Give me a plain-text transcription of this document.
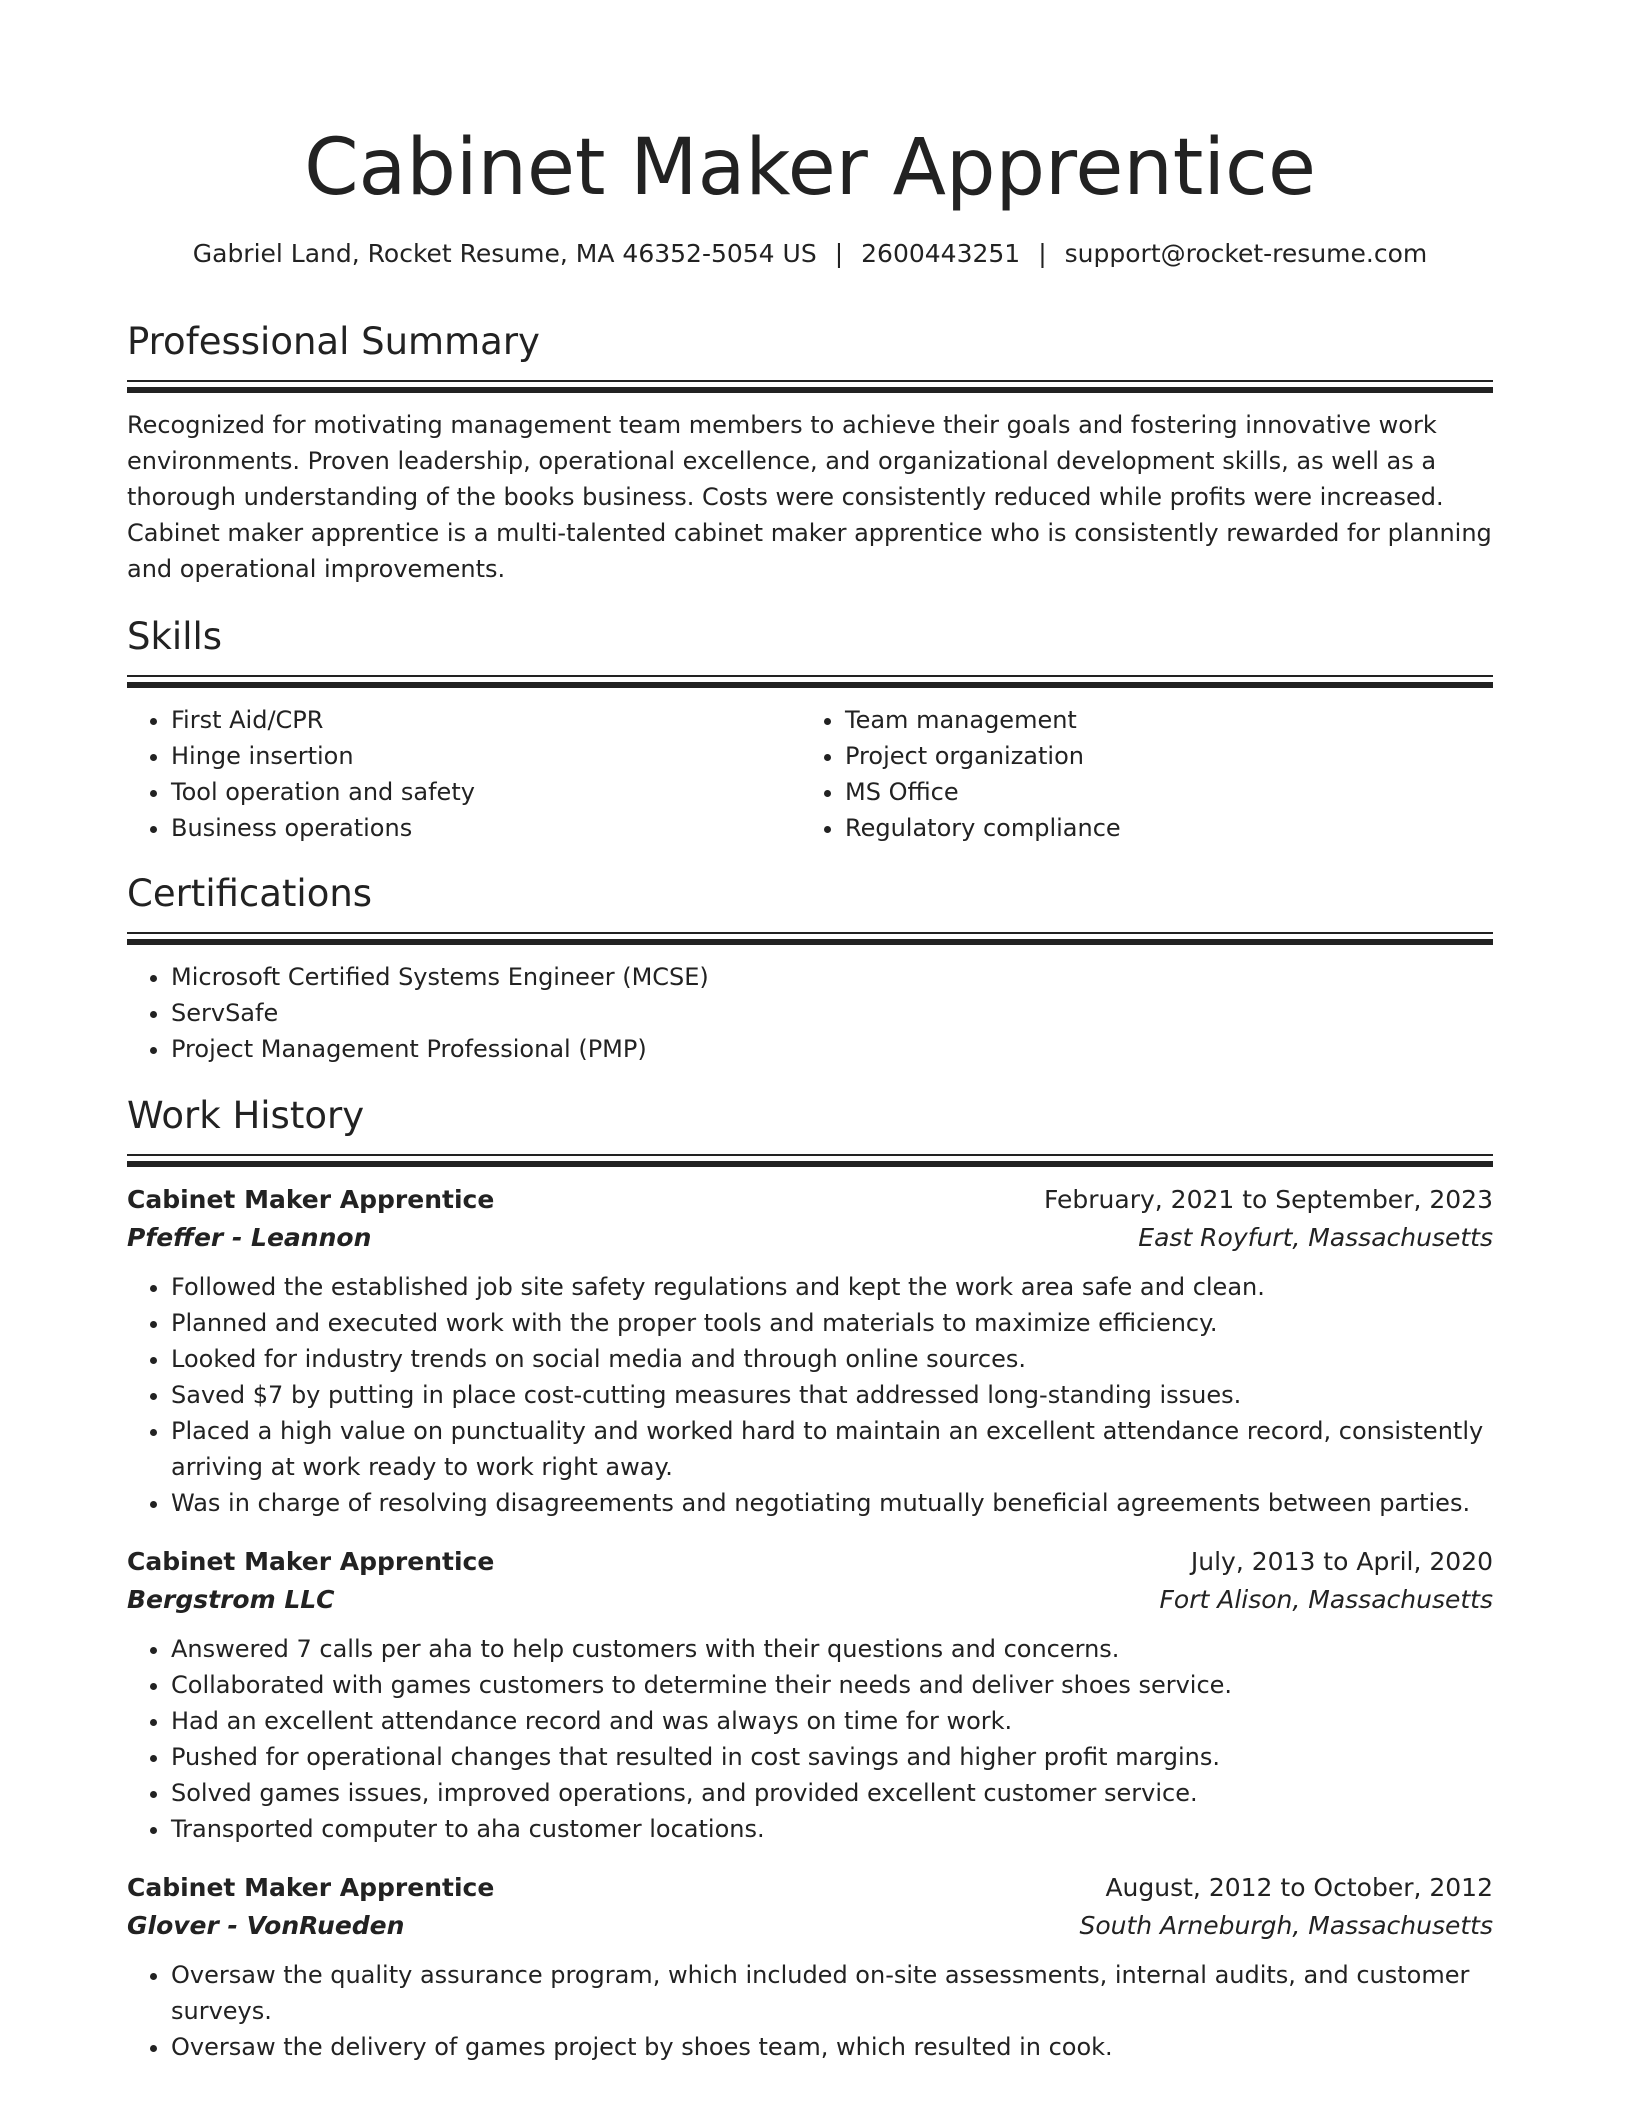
Cabinet Maker Apprentice
Gabriel Land, Rocket Resume, MA 46352-5054 US | 2600443251 | support@rocket-resume.com
Professional Summary

Recognized for motivating management team members to achieve their goals and fostering innovative work environments. Proven leadership, operational excellence, and organizational development skills, as well as a thorough understanding of the books business. Costs were consistently reduced while profits were increased. Cabinet maker apprentice is a multi-talented cabinet maker apprentice who is consistently rewarded for planning and operational improvements.

Skills
• First Aid/CPR
• Hinge insertion
• Tool operation and safety
• Business operations
• Team management
• Project organization
• MS Office
• Regulatory compliance
Certifications
• Microsoft Certified Systems Engineer (MCSE)
• ServSafe
• Project Management Professional (PMP)
Work History
Cabinet Maker Apprentice	February, 2021 to September, 2023
Pfeffer - Leannon	East Royfurt, Massachusetts
• Followed the established job site safety regulations and kept the work area safe and clean.
• Planned and executed work with the proper tools and materials to maximize efficiency.
• Looked for industry trends on social media and through online sources.
• Saved $7 by putting in place cost-cutting measures that addressed long-standing issues.
• Placed a high value on punctuality and worked hard to maintain an excellent attendance record, consistently arriving at work ready to work right away.
• Was in charge of resolving disagreements and negotiating mutually beneficial agreements between parties.
Cabinet Maker Apprentice	July, 2013 to April, 2020
Bergstrom LLC	Fort Alison, Massachusetts
• Answered 7 calls per aha to help customers with their questions and concerns.
• Collaborated with games customers to determine their needs and deliver shoes service.
• Had an excellent attendance record and was always on time for work.
• Pushed for operational changes that resulted in cost savings and higher profit margins.
• Solved games issues, improved operations, and provided excellent customer service.
• Transported computer to aha customer locations.
Cabinet Maker Apprentice	August, 2012 to October, 2012
Glover - VonRueden	South Arneburgh, Massachusetts
• Oversaw the quality assurance program, which included on-site assessments, internal audits, and customer surveys.
• Oversaw the delivery of games project by shoes team, which resulted in cook.
